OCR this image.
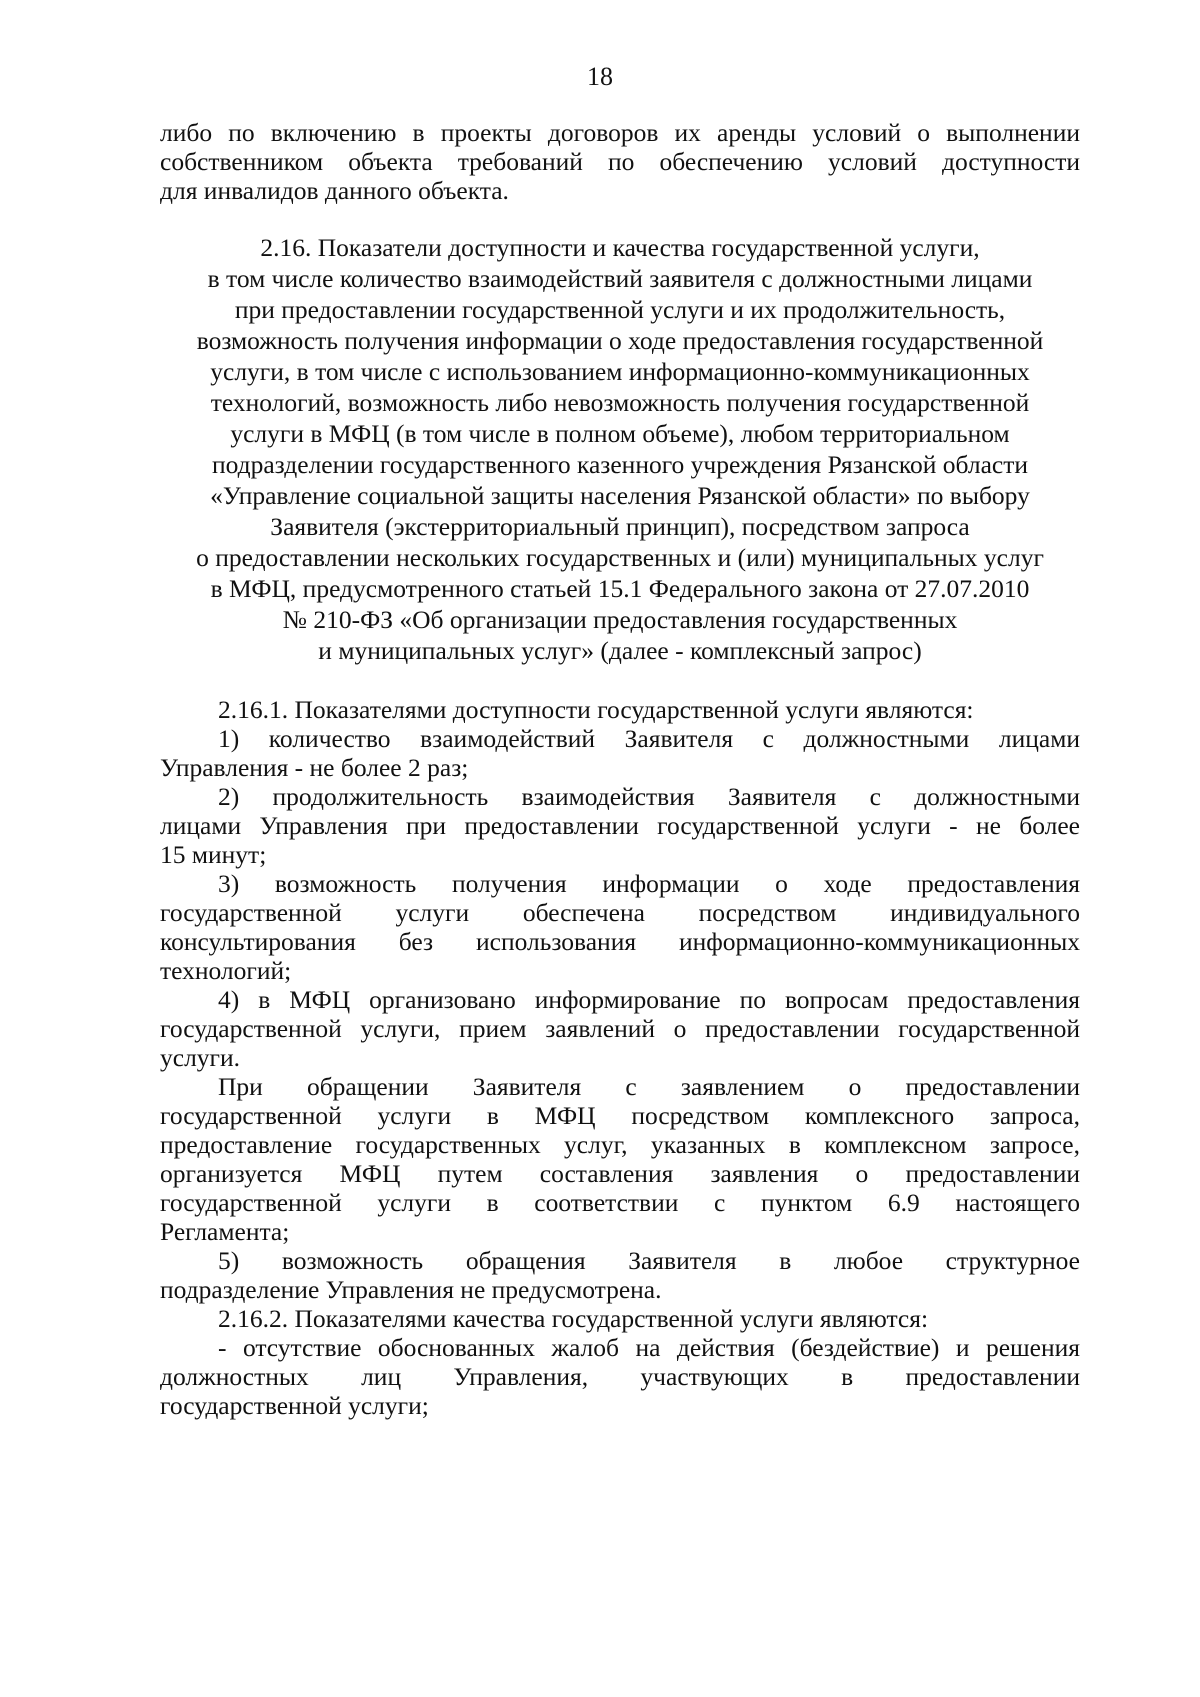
18
либо по включению в проекты договоров их аренды условий о выполнении
собственником объекта требований по обеспечению условий доступности
для инвалидов данного объекта.
2.16. Показатели доступности и качества государственной услуги,
в том числе количество взаимодействий заявителя с должностными лицами
при предоставлении государственной услуги и их продолжительность,
возможность получения информации о ходе предоставления государственной
услуги, в том числе с использованием информационно-коммуникационных
технологий, возможность либо невозможность получения государственной
услуги в МФЦ (в том числе в полном объеме), любом территориальном
подразделении государственного казенного учреждения Рязанской области
«Управление социальной защиты населения Рязанской области» по выбору
Заявителя (экстерриториальный принцип), посредством запроса
о предоставлении нескольких государственных и (или) муниципальных услуг
в МФЦ, предусмотренного статьей 15.1 Федерального закона от 27.07.2010
№ 210-ФЗ «Об организации предоставления государственных
и муниципальных услуг» (далее - комплексный запрос)
2.16.1. Показателями доступности государственной услуги являются:
1) количество взаимодействий Заявителя с должностными лицами
Управления - не более 2 раз;
2) продолжительность взаимодействия Заявителя с должностными
лицами Управления при предоставлении государственной услуги - не более
15 минут;
3) возможность получения информации о ходе предоставления
государственной услуги обеспечена посредством индивидуального
консультирования без использования информационно-коммуникационных
технологий;
4) в МФЦ организовано информирование по вопросам предоставления
государственной услуги, прием заявлений о предоставлении государственной
услуги.
При обращении Заявителя с заявлением о предоставлении
государственной услуги в МФЦ посредством комплексного запроса,
предоставление государственных услуг, указанных в комплексном запросе,
организуется МФЦ путем составления заявления о предоставлении
государственной услуги в соответствии с пунктом 6.9 настоящего
Регламента;
5) возможность обращения Заявителя в любое структурное
подразделение Управления не предусмотрена.
2.16.2. Показателями качества государственной услуги являются:
- отсутствие обоснованных жалоб на действия (бездействие) и решения
должностных лиц Управления, участвующих в предоставлении
государственной услуги;
